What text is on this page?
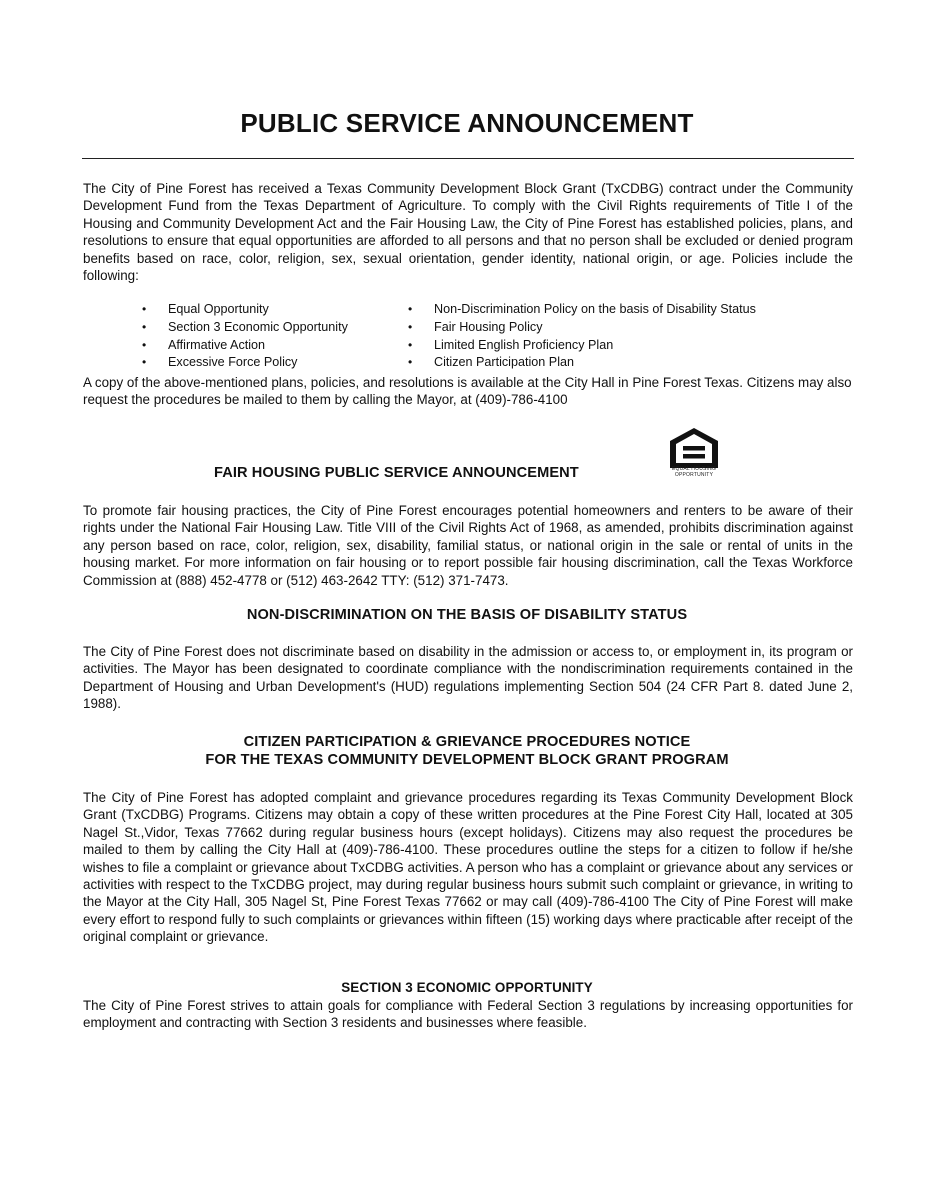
PUBLIC SERVICE ANNOUNCEMENT

The City of Pine Forest has received a Texas Community Development Block Grant (TxCDBG) contract under the Community Development Fund from the Texas Department of Agriculture. To comply with the Civil Rights requirements of Title I of the Housing and Community Development Act and the Fair Housing Law, the City of Pine Forest has established policies, plans, and resolutions to ensure that equal opportunities are afforded to all persons and that no person shall be excluded or denied program benefits based on race, color, religion, sex, sexual orientation, gender identity, national origin, or age. Policies include the following:

• Equal Opportunity
• Section 3 Economic Opportunity
• Affirmative Action
• Excessive Force Policy
• Non-Discrimination Policy on the basis of Disability Status
• Fair Housing Policy
• Limited English Proficiency Plan
• Citizen Participation Plan

A copy of the above-mentioned plans, policies, and resolutions is available at the City Hall in Pine Forest Texas. Citizens may also request the procedures be mailed to them by calling the Mayor, at (409)-786-4100

FAIR HOUSING PUBLIC SERVICE ANNOUNCEMENT	EQUAL HOUSING OPPORTUNITY

To promote fair housing practices, the City of Pine Forest encourages potential homeowners and renters to be aware of their rights under the National Fair Housing Law. Title VIII of the Civil Rights Act of 1968, as amended, prohibits discrimination against any person based on race, color, religion, sex, disability, familial status, or national origin in the sale or rental of units in the housing market. For more information on fair housing or to report possible fair housing discrimination, call the Texas Workforce Commission at (888) 452-4778 or (512) 463-2642 TTY: (512) 371-7473.

NON-DISCRIMINATION ON THE BASIS OF DISABILITY STATUS

The City of Pine Forest does not discriminate based on disability in the admission or access to, or employment in, its program or activities. The Mayor has been designated to coordinate compliance with the nondiscrimination requirements contained in the Department of Housing and Urban Development's (HUD) regulations implementing Section 504 (24 CFR Part 8. dated June 2, 1988).

CITIZEN PARTICIPATION & GRIEVANCE PROCEDURES NOTICE
FOR THE TEXAS COMMUNITY DEVELOPMENT BLOCK GRANT PROGRAM

The City of Pine Forest has adopted complaint and grievance procedures regarding its Texas Community Development Block Grant (TxCDBG) Programs. Citizens may obtain a copy of these written procedures at the Pine Forest City Hall, located at 305 Nagel St.,Vidor, Texas 77662 during regular business hours (except holidays). Citizens may also request the procedures be mailed to them by calling the City Hall at (409)-786-4100. These procedures outline the steps for a citizen to follow if he/she wishes to file a complaint or grievance about TxCDBG activities. A person who has a complaint or grievance about any services or activities with respect to the TxCDBG project, may during regular business hours submit such complaint or grievance, in writing to the Mayor at the City Hall, 305 Nagel St, Pine Forest Texas 77662 or may call (409)-786-4100 The City of Pine Forest will make every effort to respond fully to such complaints or grievances within fifteen (15) working days where practicable after receipt of the original complaint or grievance.

SECTION 3 ECONOMIC OPPORTUNITY

The City of Pine Forest strives to attain goals for compliance with Federal Section 3 regulations by increasing opportunities for employment and contracting with Section 3 residents and businesses where feasible.
